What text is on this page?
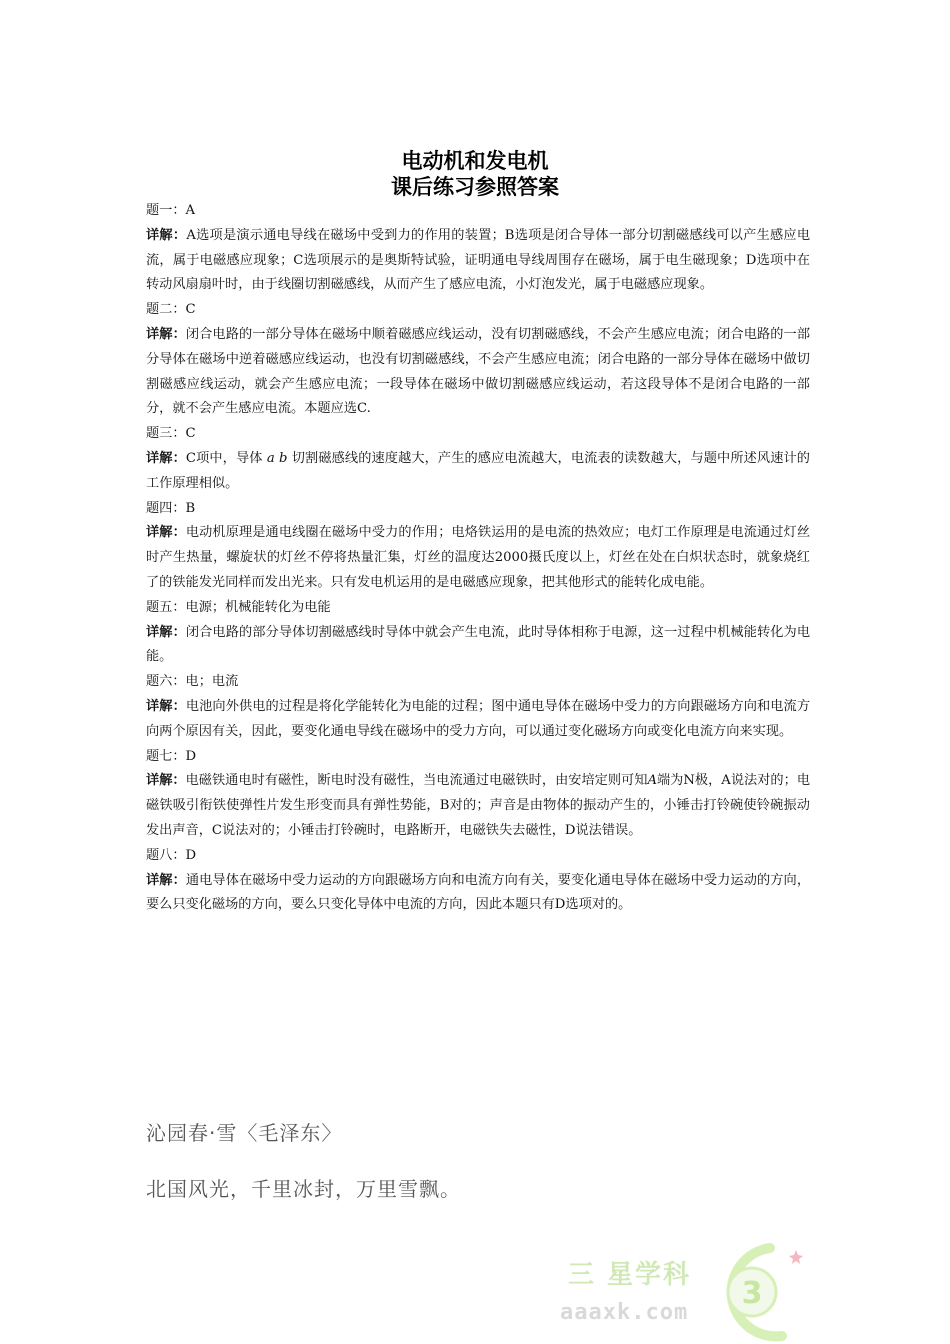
电动机和发电机
课后练习参照答案
题一：A
详解：A选项是演示通电导线在磁场中受到力的作用的装置；B选项是闭合导体一部分切割磁感线可以产生感应电流，属于电磁感应现象；C选项展示的是奥斯特试验，证明通电导线周围存在磁场，属于电生磁现象；D选项中在转动风扇扇叶时，由于线圈切割磁感线，从而产生了感应电流，小灯泡发光，属于电磁感应现象。
题二：C
详解：闭合电路的一部分导体在磁场中顺着磁感应线运动，没有切割磁感线，不会产生感应电流；闭合电路的一部分导体在磁场中逆着磁感应线运动，也没有切割磁感线，不会产生感应电流；闭合电路的一部分导体在磁场中做切割磁感应线运动，就会产生感应电流；一段导体在磁场中做切割磁感应线运动，若这段导体不是闭合电路的一部分，就不会产生感应电流。本题应选C.
题三：C
详解：C项中，导体 a b 切割磁感线的速度越大，产生的感应电流越大，电流表的读数越大，与题中所述风速计的工作原理相似。
题四：B
详解：电动机原理是通电线圈在磁场中受力的作用；电烙铁运用的是电流的热效应；电灯工作原理是电流通过灯丝时产生热量，螺旋状的灯丝不停将热量汇集，灯丝的温度达2000摄氏度以上，灯丝在处在白炽状态时，就象烧红了的铁能发光同样而发出光来。只有发电机运用的是电磁感应现象，把其他形式的能转化成电能。
题五：电源；机械能转化为电能
详解：闭合电路的部分导体切割磁感线时导体中就会产生电流，此时导体相称于电源，这一过程中机械能转化为电能。
题六：电；电流
详解：电池向外供电的过程是将化学能转化为电能的过程；图中通电导体在磁场中受力的方向跟磁场方向和电流方向两个原因有关，因此，要变化通电导线在磁场中的受力方向，可以通过变化磁场方向或变化电流方向来实现。
题七：D
详解：电磁铁通电时有磁性，断电时没有磁性，当电流通过电磁铁时，由安培定则可知A端为N极，A说法对的；电磁铁吸引衔铁使弹性片发生形变而具有弹性势能，B对的；声音是由物体的振动产生的，小锤击打铃碗使铃碗振动发出声音，C说法对的；小锤击打铃碗时，电路断开，电磁铁失去磁性，D说法错误。
题八：D
详解：通电导体在磁场中受力运动的方向跟磁场方向和电流方向有关，要变化通电导体在磁场中受力运动的方向，要么只变化磁场的方向，要么只变化导体中电流的方向，因此本题只有D选项对的。
沁园春·雪〈毛泽东〉
北国风光，千里冰封，万里雪飘。
三 星学科
aaaxk.com
3
